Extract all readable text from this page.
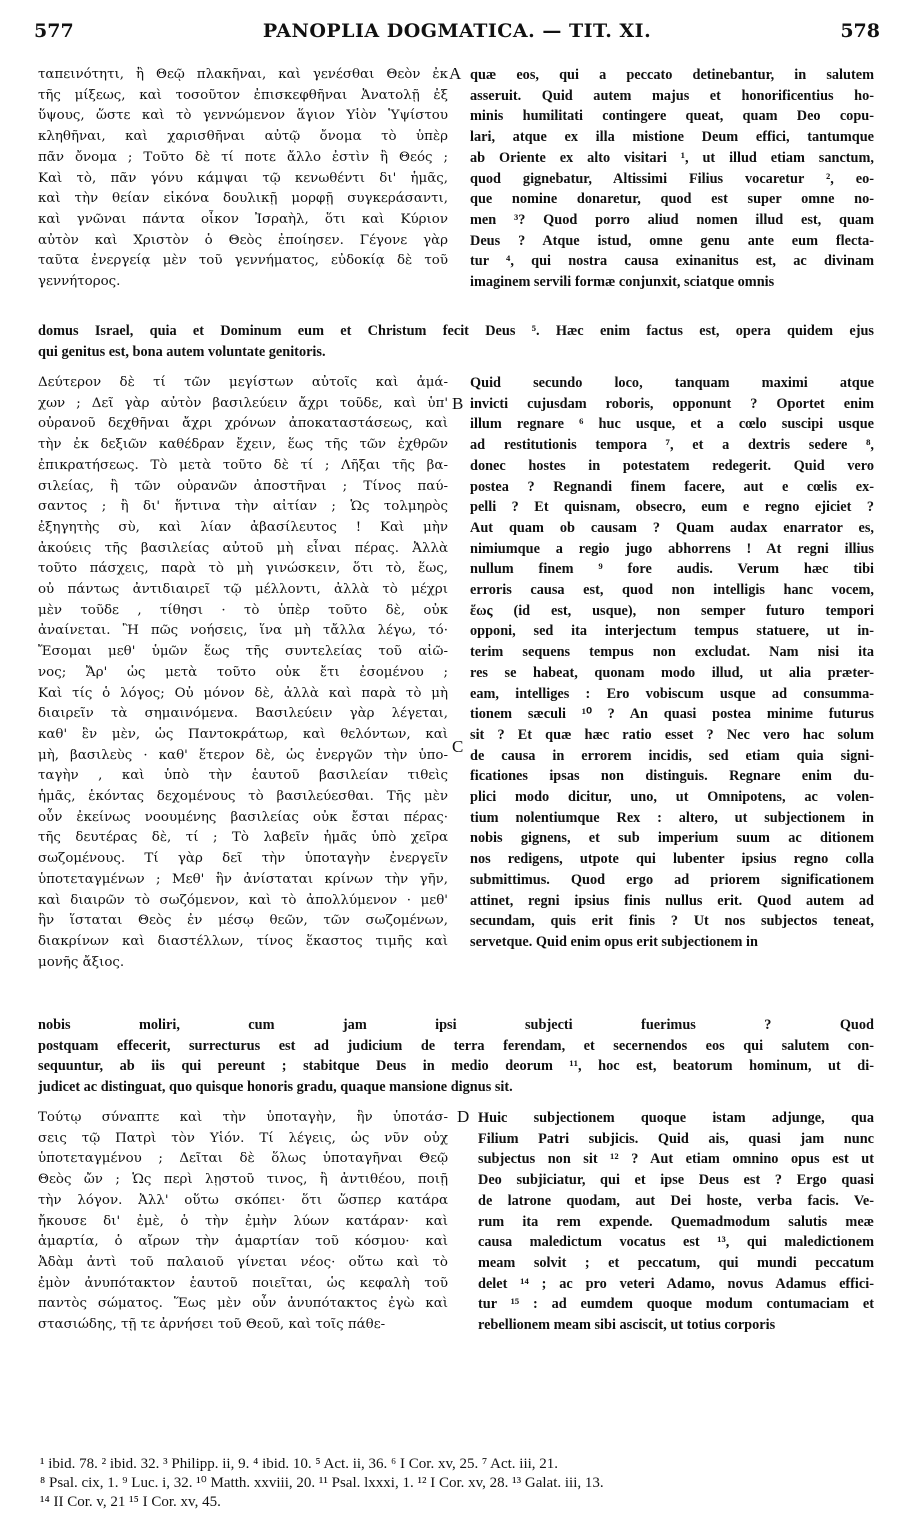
577	PANOPLIA DOGMATICA. — TIT. XI.	578
A
B
C
D
ταπεινότητι, ἢ Θεῷ πλακῆναι, καὶ γενέσθαι Θεὸν ἐκ
τῆς μίξεως, καὶ τοσοῦτον ἐπισκεφθῆναι Ἀνατολῇ ἐξ
ὕψους, ὥστε καὶ τὸ γεννώμενον ἅγιον Υἱὸν Ὑψίστου
κληθῆναι, καὶ χαρισθῆναι αὐτῷ ὄνομα τὸ ὑπὲρ
πᾶν ὄνομα ; Τοῦτο δὲ τί ποτε ἄλλο ἐστὶν ἢ Θεός ;
Καὶ τὸ, πᾶν γόνυ κάμψαι τῷ κενωθέντι δι' ἡμᾶς,
καὶ τὴν θείαν εἰκόνα δουλικῇ μορφῇ συγκεράσαντι,
καὶ γνῶναι πάντα οἶκον Ἰσραὴλ, ὅτι καὶ Κύριον
αὐτὸν καὶ Χριστὸν ὁ Θεὸς ἐποίησεν. Γέγονε γὰρ
ταῦτα ἐνεργείᾳ μὲν τοῦ γεννήματος, εὐδοκίᾳ δὲ τοῦ
γεννήτορος.
quæ eos, qui a peccato detinebantur, in salutem
asseruit. Quid autem majus et honorificentius ho-
minis humilitati contingere queat, quam Deo copu-
lari, atque ex illa mistione Deum effici, tantumque
ab Oriente ex alto visitari ¹, ut illud etiam sanctum,
quod gignebatur, Altissimi Filius vocaretur ², eo-
que nomine donaretur, quod est super omne no-
men ³? Quod porro aliud nomen illud est, quam
Deus ? Atque istud, omne genu ante eum flecta-
tur ⁴, qui nostra causa exinanitus est, ac divinam
imaginem servili formæ conjunxit, sciatque omnis
domus Israel, quia et Dominum eum et Christum fecit Deus ⁵. Hæc enim factus est, opera quidem ejus
qui genitus est, bona autem voluntate genitoris.
Δεύτερον δὲ τί τῶν μεγίστων αὐτοῖς καὶ ἀμά-
χων ; Δεῖ γὰρ αὐτὸν βασιλεύειν ἄχρι τοῦδε, καὶ ὑπ'
οὐρανοῦ δεχθῆναι ἄχρι χρόνων ἀποκαταστάσεως, καὶ
τὴν ἐκ δεξιῶν καθέδραν ἔχειν, ἕως τῆς τῶν ἐχθρῶν
ἐπικρατήσεως. Τὸ μετὰ τοῦτο δὲ τί ; Λῆξαι τῆς βα-
σιλείας, ἢ τῶν οὐρανῶν ἀποστῆναι ; Τίνος παύ-
σαντος ; ἢ δι' ἥντινα τὴν αἰτίαν ; Ὡς τολμηρὸς
ἐξηγητὴς σὺ, καὶ λίαν ἀβασίλευτος ! Καὶ μὴν
ἀκούεις τῆς βασιλείας αὐτοῦ μὴ εἶναι πέρας. Ἀλλὰ
τοῦτο πάσχεις, παρὰ τὸ μὴ γινώσκειν, ὅτι τὸ, ἕως,
οὐ πάντως ἀντιδιαιρεῖ τῷ μέλλοντι, ἀλλὰ τὸ μέχρι
μὲν τοῦδε , τίθησι · τὸ ὑπὲρ τοῦτο δὲ, οὐκ
ἀναίνεται. Ἢ πῶς νοήσεις, ἵνα μὴ τἄλλα λέγω, τό·
Ἔσομαι μεθ' ὑμῶν ἕως τῆς συντελείας τοῦ αἰῶ-
νος; Ἄρ' ὡς μετὰ τοῦτο οὐκ ἔτι ἐσομένου ;
Καὶ τίς ὁ λόγος; Οὐ μόνον δὲ, ἀλλὰ καὶ παρὰ τὸ μὴ
διαιρεῖν τὰ σημαινόμενα. Βασιλεύειν γὰρ λέγεται,
καθ' ἓν μὲν, ὡς Παντοκράτωρ, καὶ θελόντων, καὶ
μὴ, βασιλεὺς · καθ' ἕτερον δὲ, ὡς ἐνεργῶν τὴν ὑπο-
ταγὴν , καὶ ὑπὸ τὴν ἑαυτοῦ βασιλείαν τιθεὶς
ἡμᾶς, ἑκόντας δεχομένους τὸ βασιλεύεσθαι. Τῆς μὲν
οὖν ἐκείνως νοουμένης βασιλείας οὐκ ἔσται πέρας·
τῆς δευτέρας δὲ, τί ; Τὸ λαβεῖν ἡμᾶς ὑπὸ χεῖρα
σωζομένους. Τί γὰρ δεῖ τὴν ὑποταγὴν ἐνεργεῖν
ὑποτεταγμένων ; Μεθ' ἣν ἀνίσταται κρίνων τὴν γῆν,
καὶ διαιρῶν τὸ σωζόμενον, καὶ τὸ ἀπολλύμενον · μεθ'
ἣν ἵσταται Θεὸς ἐν μέσῳ θεῶν, τῶν σωζομένων,
διακρίνων καὶ διαστέλλων, τίνος ἕκαστος τιμῆς καὶ
μονῆς ἄξιος.
Quid secundo loco, tanquam maximi atque
invicti cujusdam roboris, opponunt ? Oportet enim
illum regnare ⁶ huc usque, et a cœlo suscipi usque
ad restitutionis tempora ⁷, et a dextris sedere ⁸,
donec hostes in potestatem redegerit. Quid vero
postea ? Regnandi finem facere, aut e cœlis ex-
pelli ? Et quisnam, obsecro, eum e regno ejiciet ?
Aut quam ob causam ? Quam audax enarrator es,
nimiumque a regio jugo abhorrens ! At regni illius
nullum finem ⁹ fore audis. Verum hæc tibi
erroris causa est, quod non intelligis hanc vocem,
ἕως (id est, usque), non semper futuro tempori
opponi, sed ita interjectum tempus statuere, ut in-
terim sequens tempus non excludat. Nam nisi ita
res se habeat, quonam modo illud, ut alia præter-
eam, intelliges : Ero vobiscum usque ad consumma-
tionem sæculi ¹⁰ ? An quasi postea minime futurus
sit ? Et quæ hæc ratio esset ? Nec vero hac solum
de causa in errorem incidis, sed etiam quia signi-
ficationes ipsas non distinguis. Regnare enim du-
plici modo dicitur, uno, ut Omnipotens, ac volen-
tium nolentiumque Rex : altero, ut subjectionem in
nobis gignens, et sub imperium suum ac ditionem
nos redigens, utpote qui lubenter ipsius regno colla
submittimus. Quod ergo ad priorem significationem
attinet, regni ipsius finis nullus erit. Quod autem ad
secundam, quis erit finis ? Ut nos subjectos teneat,
servetque. Quid enim opus erit subjectionem in
nobis moliri, cum jam ipsi subjecti fuerimus ? Quod
postquam effecerit, surrecturus est ad judicium de terra ferendam, et secernendos eos qui salutem con-
sequuntur, ab iis qui pereunt ; stabitque Deus in medio deorum ¹¹, hoc est, beatorum hominum, ut di-
judicet ac distinguat, quo quisque honoris gradu, quaque mansione dignus sit.
Τούτῳ σύναπτε καὶ τὴν ὑποταγὴν, ἣν ὑποτάσ-
σεις τῷ Πατρὶ τὸν Υἱόν. Τί λέγεις, ὡς νῦν οὐχ
ὑποτεταγμένου ; Δεῖται δὲ ὅλως ὑποταγῆναι Θεῷ
Θεὸς ὤν ; Ὡς περὶ λῃστοῦ τινος, ἢ ἀντιθέου, ποιῇ
τὴν λόγον. Ἀλλ' οὕτω σκόπει· ὅτι ὥσπερ κατάρα
ἤκουσε δι' ἐμὲ, ὁ τὴν ἐμὴν λύων κατάραν· καὶ
ἁμαρτία, ὁ αἴρων τὴν ἁμαρτίαν τοῦ κόσμου· καὶ
Ἀδὰμ ἀντὶ τοῦ παλαιοῦ γίνεται νέος· οὕτω καὶ τὸ
ἐμὸν ἀνυπότακτον ἑαυτοῦ ποιεῖται, ὡς κεφαλὴ τοῦ
παντὸς σώματος. Ἕως μὲν οὖν ἀνυπότακτος ἐγὼ καὶ
στασιώδης, τῇ τε ἀρνήσει τοῦ Θεοῦ, καὶ τοῖς πάθε-
Huic subjectionem quoque istam adjunge, qua
Filium Patri subjicis. Quid ais, quasi jam nunc
subjectus non sit ¹² ? Aut etiam omnino opus est ut
Deo subjiciatur, qui et ipse Deus est ? Ergo quasi
de latrone quodam, aut Dei hoste, verba facis. Ve-
rum ita rem expende. Quemadmodum salutis meæ
causa maledictum vocatus est ¹³, qui maledictionem
meam solvit ; et peccatum, qui mundi peccatum
delet ¹⁴ ; ac pro veteri Adamo, novus Adamus effici-
tur ¹⁵ : ad eumdem quoque modum contumaciam et
rebellionem meam sibi asciscit, ut totius corporis
¹ ibid. 78. ² ibid. 32. ³ Philipp. ii, 9. ⁴ ibid. 10. ⁵ Act. ii, 36. ⁶ I Cor. xv, 25. ⁷ Act. iii, 21.
⁸ Psal. cix, 1. ⁹ Luc. i, 32. ¹⁰ Matth. xxviii, 20. ¹¹ Psal. lxxxi, 1. ¹² I Cor. xv, 28. ¹³ Galat. iii, 13.
¹⁴ II Cor. v, 21 ¹⁵ I Cor. xv, 45.
